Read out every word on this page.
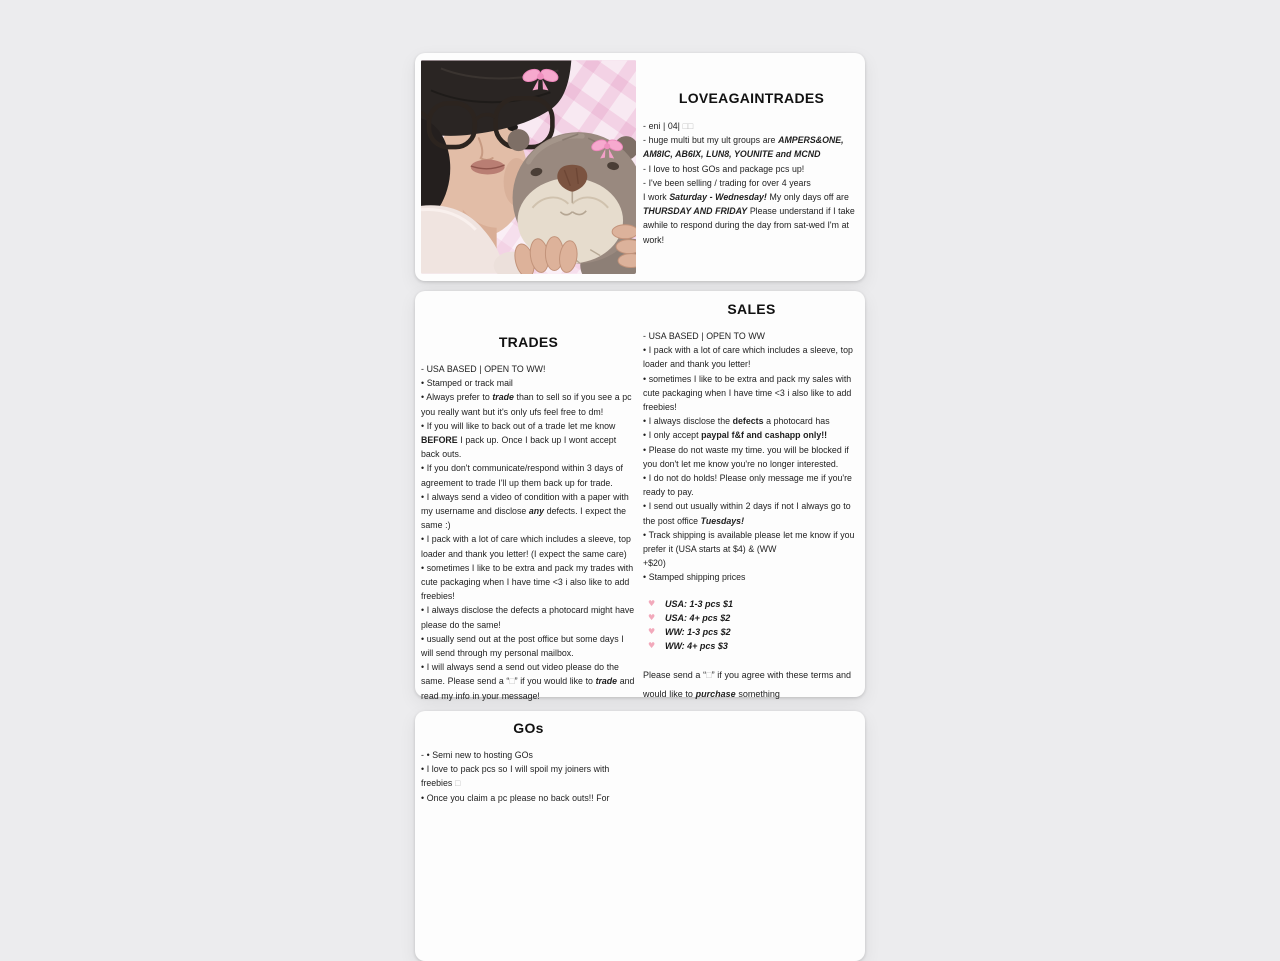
LOVEAGAINTRADES

- eni | 04| □□

- huge multi but my ult groups are AMPERS&ONE, AM8IC, AB6IX, LUN8, YOUNITE and MCND

- I love to host GOs and package pcs up!

- I've been selling / trading for over 4 years

I work Saturday - Wednesday! My only days off are THURSDAY AND FRIDAY Please understand if I take awhile to respond during the day from sat-wed I'm at work!

TRADES

- USA BASED | OPEN TO WW!

• Stamped or track mail

• Always prefer to trade than to sell so if you see a pc you really want but it's only ufs feel free to dm!

• If you will like to back out of a trade let me know BEFORE I pack up. Once I back up I wont accept back outs.

• If you don't communicate/respond within 3 days of agreement to trade I'll up them back up for trade.

• I always send a video of condition with a paper with my username and disclose any defects. I expect the same :)

• I pack with a lot of care which includes a sleeve, top loader and thank you letter! (I expect the same care)

• sometimes I like to be extra and pack my trades with cute packaging when I have time <3 i also like to add freebies!

• I always disclose the defects a photocard might have please do the same!

• usually send out at the post office but some days I will send through my personal mailbox.

• I will always send a send out video please do the same. Please send a “□” if you would like to trade and read my info in your message!

SALES

- USA BASED | OPEN TO WW

• I pack with a lot of care which includes a sleeve, top loader and thank you letter!

• sometimes I like to be extra and pack my sales with cute packaging when I have time <3 i also like to add freebies!

• I always disclose the defects a photocard has

• I only accept paypal f&f and cashapp only!!

• Please do not waste my time. you will be blocked if you don't let me know you're no longer interested.

• I do not do holds! Please only message me if you're ready to pay.

• I send out usually within 2 days if not I always go to the post office Tuesdays!

• Track shipping is available please let me know if you prefer it (USA starts at $4) & (WW

+$20)

• Stamped shipping prices

♥	USA: 1-3 pcs $1
♥	USA: 4+ pcs $2
♥	WW: 1-3 pcs $2
♥	WW: 4+ pcs $3

Please send a “□” if you agree with these terms and would like to purchase something

GOs

- • Semi new to hosting GOs

• I love to pack pcs so I will spoil my joiners with freebies □

• Once you claim a pc please no back outs!! For
